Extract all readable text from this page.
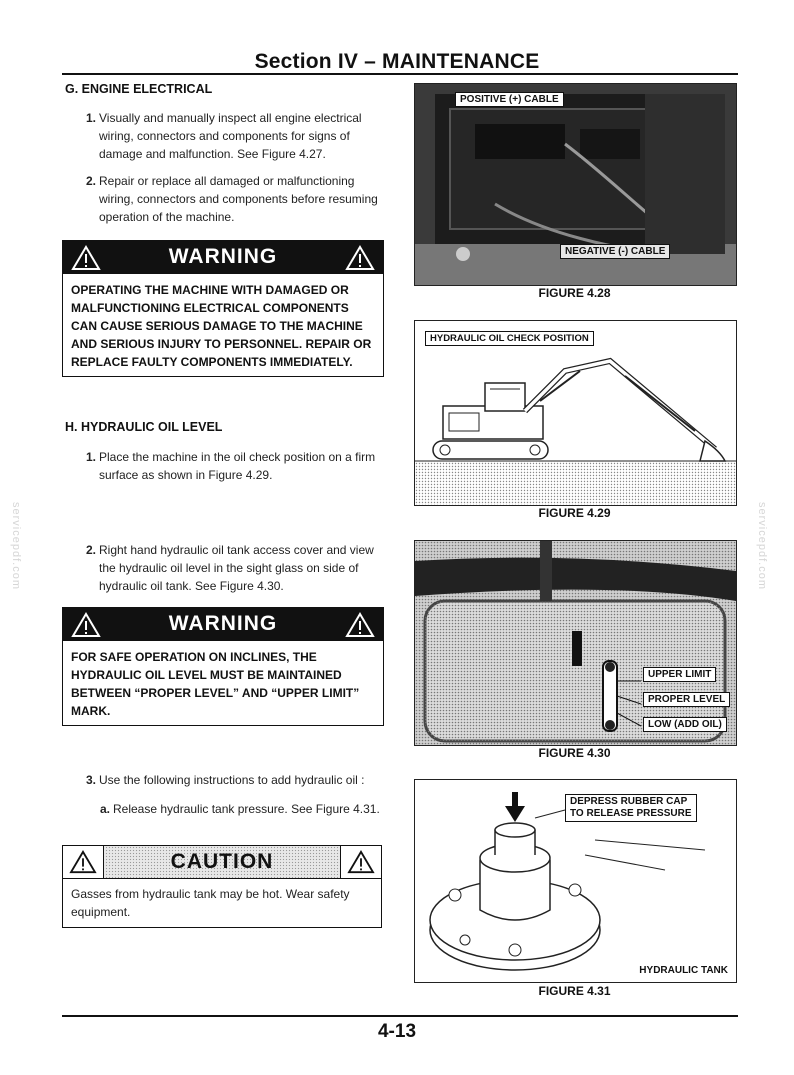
Section IV – MAINTENANCE
servicepdf.com	servicepdf.com
G. ENGINE ELECTRICAL
1. Visually and manually inspect all engine electrical wiring, connectors and components for signs of damage and malfunction. See Figure 4.27.
2. Repair or replace all damaged or malfunctioning wiring, connectors and components before resuming operation of the machine.
WARNING
OPERATING THE MACHINE WITH DAMAGED OR MALFUNCTIONING ELECTRICAL COMPONENTS CAN CAUSE SERIOUS DAMAGE TO THE MACHINE AND SERIOUS INJURY TO PERSONNEL. REPAIR OR REPLACE FAULTY COMPONENTS IMMEDIATELY.
H. HYDRAULIC OIL LEVEL
1. Place the machine in the oil check position on a firm surface as shown in Figure 4.29.
2. Right hand hydraulic oil tank access cover and view the hydraulic oil level in the sight glass on side of hydraulic oil tank. See Figure 4.30.
WARNING
FOR SAFE OPERATION ON INCLINES, THE HYDRAULIC OIL LEVEL MUST BE MAINTAINED BETWEEN “PROPER LEVEL” AND “UPPER LIMIT” MARK.
3. Use the following instructions to add hydraulic oil :
a. Release hydraulic tank pressure. See Figure 4.31.
CAUTION
Gasses from hydraulic tank may be hot. Wear safety equipment.
POSITIVE (+) CABLE
NEGATIVE (-) CABLE
FIGURE 4.28
HYDRAULIC OIL CHECK POSITION
FIGURE 4.29
UPPER LIMIT
PROPER LEVEL
LOW (ADD OIL)
FIGURE 4.30
DEPRESS RUBBER CAP
TO RELEASE PRESSURE
HYDRAULIC TANK
FIGURE 4.31
4-13
